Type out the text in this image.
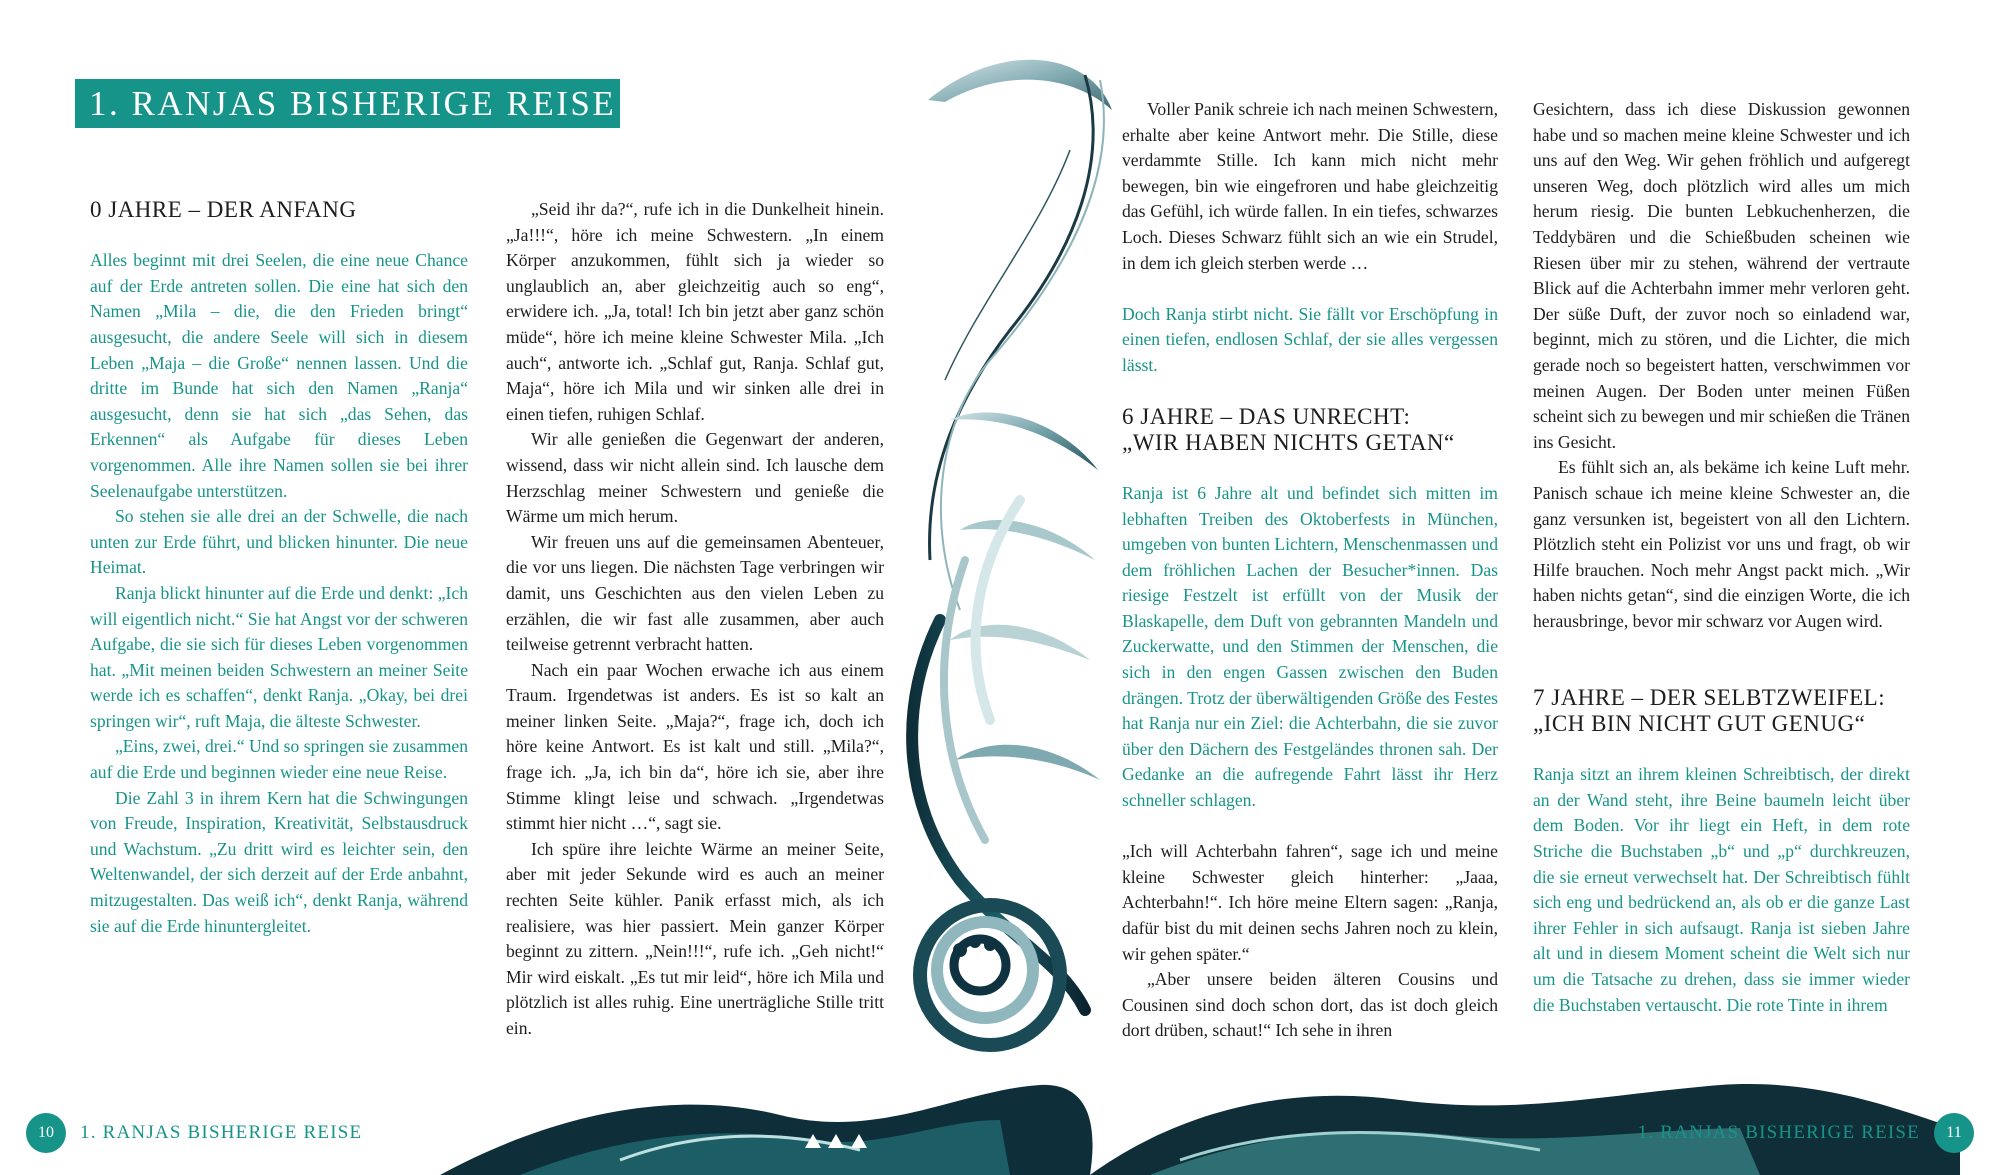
1. RANJAS BISHERIGE REISE
0 JAHRE – DER ANFANG

Alles beginnt mit drei Seelen, die eine neue Chance auf der Erde antreten sollen. Die eine hat sich den Namen „Mila – die, die den Frieden bringt“ ausgesucht, die andere Seele will sich in diesem Leben „Maja – die Große“ nennen lassen. Und die dritte im Bunde hat sich den Namen „Ranja“ ausgesucht, denn sie hat sich „das Sehen, das Erkennen“ als Aufgabe für dieses Leben vorgenommen. Alle ihre Namen sollen sie bei ihrer Seelenaufgabe unterstützen.

So stehen sie alle drei an der Schwelle, die nach unten zur Erde führt, und blicken hinunter. Die neue Heimat.

Ranja blickt hinunter auf die Erde und denkt: „Ich will eigentlich nicht.“ Sie hat Angst vor der schweren Aufgabe, die sie sich für dieses Leben vorgenommen hat. „Mit meinen beiden Schwestern an meiner Seite werde ich es schaffen“, denkt Ranja. „Okay, bei drei springen wir“, ruft Maja, die älteste Schwester.

„Eins, zwei, drei.“ Und so springen sie zusammen auf die Erde und beginnen wieder eine neue Reise.

Die Zahl 3 in ihrem Kern hat die Schwingungen von Freude, Inspiration, Kreativität, Selbstausdruck und Wachstum. „Zu dritt wird es leichter sein, den Weltenwandel, der sich derzeit auf der Erde anbahnt, mitzugestalten. Das weiß ich“, denkt Ranja, während sie auf die Erde hinuntergleitet.

„Seid ihr da?“, rufe ich in die Dunkelheit hinein. „Ja!!!“, höre ich meine Schwestern. „In einem Körper anzukommen, fühlt sich ja wieder so unglaublich an, aber gleichzeitig auch so eng“, erwidere ich. „Ja, total! Ich bin jetzt aber ganz schön müde“, höre ich meine kleine Schwester Mila. „Ich auch“, antworte ich. „Schlaf gut, Ranja. Schlaf gut, Maja“, höre ich Mila und wir sinken alle drei in einen tiefen, ruhigen Schlaf.

Wir alle genießen die Gegenwart der anderen, wissend, dass wir nicht allein sind. Ich lausche dem Herzschlag meiner Schwestern und genieße die Wärme um mich herum.

Wir freuen uns auf die gemeinsamen Abenteuer, die vor uns liegen. Die nächsten Tage verbringen wir damit, uns Geschichten aus den vielen Leben zu erzählen, die wir fast alle zusammen, aber auch teilweise getrennt verbracht hatten.

Nach ein paar Wochen erwache ich aus einem Traum. Irgendetwas ist anders. Es ist so kalt an meiner linken Seite. „Maja?“, frage ich, doch ich höre keine Antwort. Es ist kalt und still. „Mila?“, frage ich. „Ja, ich bin da“, höre ich sie, aber ihre Stimme klingt leise und schwach. „Irgendetwas stimmt hier nicht …“, sagt sie.

Ich spüre ihre leichte Wärme an meiner Seite, aber mit jeder Sekunde wird es auch an meiner rechten Seite kühler. Panik erfasst mich, als ich realisiere, was hier passiert. Mein ganzer Körper beginnt zu zittern. „Nein!!!“, rufe ich. „Geh nicht!“ Mir wird eiskalt. „Es tut mir leid“, höre ich Mila und plötzlich ist alles ruhig. Eine unerträgliche Stille tritt ein.

Voller Panik schreie ich nach meinen Schwestern, erhalte aber keine Antwort mehr. Die Stille, diese verdammte Stille. Ich kann mich nicht mehr bewegen, bin wie eingefroren und habe gleichzeitig das Gefühl, ich würde fallen. In ein tiefes, schwarzes Loch. Dieses Schwarz fühlt sich an wie ein Strudel, in dem ich gleich sterben werde …

Doch Ranja stirbt nicht. Sie fällt vor Erschöpfung in einen tiefen, endlosen Schlaf, der sie alles vergessen lässt.

6 JAHRE – DAS UNRECHT:
„WIR HABEN NICHTS GETAN“

Ranja ist 6 Jahre alt und befindet sich mitten im lebhaften Treiben des Oktoberfests in München, umgeben von bunten Lichtern, Menschenmassen und dem fröhlichen Lachen der Besucher*innen. Das riesige Festzelt ist erfüllt von der Musik der Blaskapelle, dem Duft von gebrannten Mandeln und Zuckerwatte, und den Stimmen der Menschen, die sich in den engen Gassen zwischen den Buden drängen. Trotz der überwältigenden Größe des Festes hat Ranja nur ein Ziel: die Achterbahn, die sie zuvor über den Dächern des Festgeländes thronen sah. Der Gedanke an die aufregende Fahrt lässt ihr Herz schneller schlagen.

„Ich will Achterbahn fahren“, sage ich und meine kleine Schwester gleich hinterher: „Jaaa, Achterbahn!“. Ich höre meine Eltern sagen: „Ranja, dafür bist du mit deinen sechs Jahren noch zu klein, wir gehen später.“

„Aber unsere beiden älteren Cousins und Cousinen sind doch schon dort, das ist doch gleich dort drüben, schaut!“ Ich sehe in ihren

Gesichtern, dass ich diese Diskussion gewonnen habe und so machen meine kleine Schwester und ich uns auf den Weg. Wir gehen fröhlich und aufgeregt unseren Weg, doch plötzlich wird alles um mich herum riesig. Die bunten Lebkuchenherzen, die Teddybären und die Schießbuden scheinen wie Riesen über mir zu stehen, während der vertraute Blick auf die Achterbahn immer mehr verloren geht. Der süße Duft, der zuvor noch so einladend war, beginnt, mich zu stören, und die Lichter, die mich gerade noch so begeistert hatten, verschwimmen vor meinen Augen. Der Boden unter meinen Füßen scheint sich zu bewegen und mir schießen die Tränen ins Gesicht.

Es fühlt sich an, als bekäme ich keine Luft mehr. Panisch schaue ich meine kleine Schwester an, die ganz versunken ist, begeistert von all den Lichtern. Plötzlich steht ein Polizist vor uns und fragt, ob wir Hilfe brauchen. Noch mehr Angst packt mich. „Wir haben nichts getan“, sind die einzigen Worte, die ich herausbringe, bevor mir schwarz vor Augen wird.

7 JAHRE – DER SELBTZWEIFEL:
„ICH BIN NICHT GUT GENUG“

Ranja sitzt an ihrem kleinen Schreibtisch, der direkt an der Wand steht, ihre Beine baumeln leicht über dem Boden. Vor ihr liegt ein Heft, in dem rote Striche die Buchstaben „b“ und „p“ durchkreuzen, die sie erneut verwechselt hat. Der Schreibtisch fühlt sich eng und bedrückend an, als ob er die ganze Last ihrer Fehler in sich aufsaugt. Ranja ist sieben Jahre alt und in diesem Moment scheint die Welt sich nur um die Tatsache zu drehen, dass sie immer wieder die Buchstaben vertauscht. Die rote Tinte in ihrem

10	1. RANJAS BISHERIGE REISE	1. RANJAS BISHERIGE REISE	11
